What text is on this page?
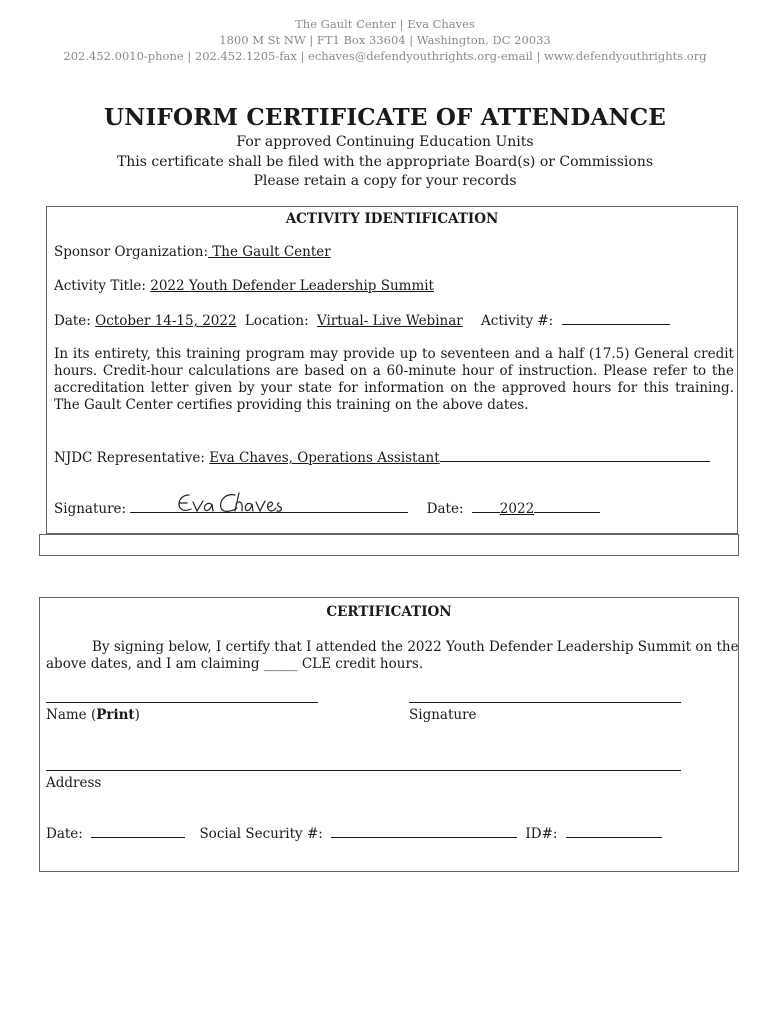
The Gault Center | Eva Chaves
1800 M St NW | FT1 Box 33604 | Washington, DC 20033
202.452.0010-phone | 202.452.1205-fax | echaves@defendyouthrights.org-email | www.defendyouthrights.org
UNIFORM CERTIFICATE OF ATTENDANCE
For approved Continuing Education Units
This certificate shall be filed with the appropriate Board(s) or Commissions
Please retain a copy for your records
ACTIVITY IDENTIFICATION
Sponsor Organization: The Gault Center
Activity Title: 2022 Youth Defender Leadership Summit
Date: October 14-15, 2022 Location: Virtual- Live Webinar Activity #:
In its entirety, this training program may provide up to seventeen and a half (17.5) General credit hours. Credit-hour calculations are based on a 60-minute hour of instruction. Please refer to the accreditation letter given by your state for information on the approved hours for this training. The Gault Center certifies providing this training on the above dates.
NJDC Representative: Eva Chaves, Operations Assistant
Signature:	Date:	2022
CERTIFICATION
By signing below, I certify that I attended the 2022 Youth Defender Leadership Summit on the
above dates, and I am claiming _____ CLE credit hours.
Name (Print)	Signature
Address
Date:	Social Security #:	ID#:
